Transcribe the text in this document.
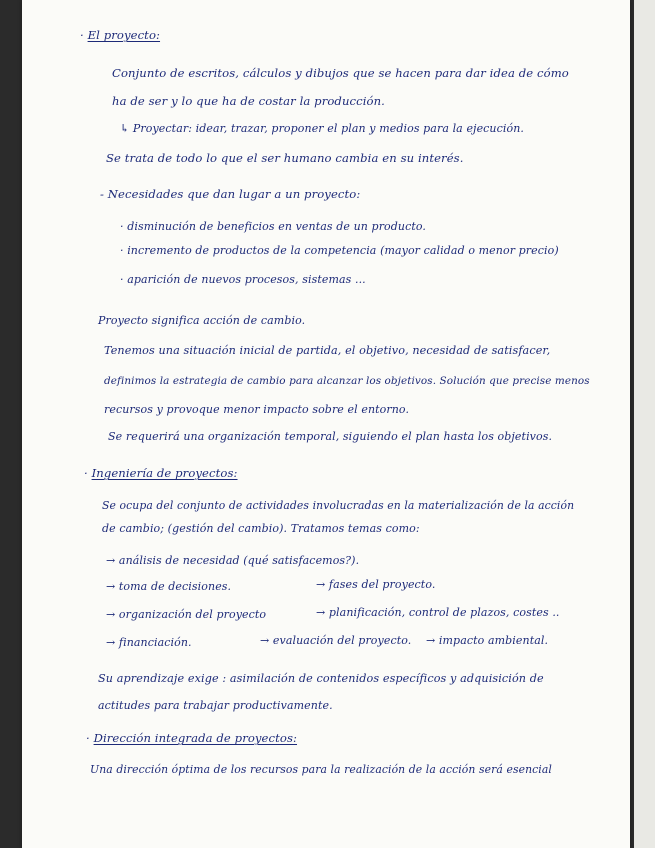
· El proyecto:
Conjunto de escritos, cálculos y dibujos que se hacen para dar idea de cómo
ha de ser y lo que ha de costar la producción.
↳ Proyectar: idear, trazar, proponer el plan y medios para la ejecución.
Se trata de todo lo que el ser humano cambia en su interés.
- Necesidades que dan lugar a un proyecto:
· disminución de beneficios en ventas de un producto.
· incremento de productos de la competencia (mayor calidad o menor precio)
· aparición de nuevos procesos, sistemas ...
Proyecto significa acción de cambio.
Tenemos una situación inicial de partida, el objetivo, necesidad de satisfacer,
definimos la estrategia de cambio para alcanzar los objetivos. Solución que precise menos
recursos y provoque menor impacto sobre el entorno.
Se requerirá una organización temporal, siguiendo el plan hasta los objetivos.
· Ingeniería de proyectos:
Se ocupa del conjunto de actividades involucradas en la materialización de la acción
de cambio; (gestión del cambio). Tratamos temas como:
→ análisis de necesidad (qué satisfacemos?).
→ toma de decisiones.	→ fases del proyecto.
→ organización del proyecto	→ planificación, control de plazos, costes ..
→ financiación.	→ evaluación del proyecto. → impacto ambiental.
Su aprendizaje exige : asimilación de contenidos específicos y adquisición de
actitudes para trabajar productivamente.
· Dirección integrada de proyectos:
Una dirección óptima de los recursos para la realización de la acción será esencial
